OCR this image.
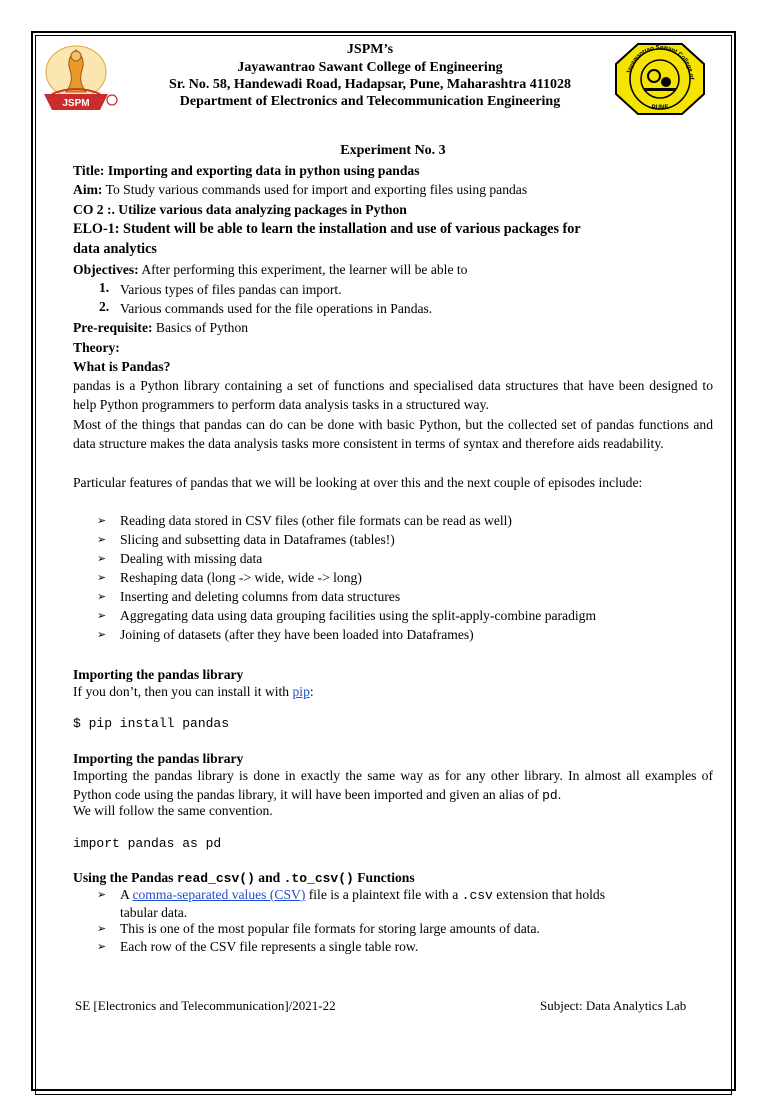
JSPM
Jayawantrao Sawant College of
PUNE
JSPM’s
Jayawantrao Sawant College of Engineering
Sr. No. 58, Handewadi Road, Hadapsar, Pune, Maharashtra 411028
Department of Electronics and Telecommunication Engineering
Experiment No. 3
Title: Importing and exporting data in python using pandas
Aim: To Study various commands used for import and exporting files using pandas
CO 2 :. Utilize various data analyzing packages in Python
ELO-1: Student will be able to learn the installation and use of various packages for
data analytics
Objectives: After performing this experiment, the learner will be able to
1. Various types of files pandas can import.
2. Various commands used for the file operations in Pandas.
Pre-requisite: Basics of Python
Theory:
What is Pandas?
pandas is a Python library containing a set of functions and specialised data structures that have been designed to help Python programmers to perform data analysis tasks in a structured way.
Most of the things that pandas can do can be done with basic Python, but the collected set of pandas functions and data structure makes the data analysis tasks more consistent in terms of syntax and therefore aids readability.
Particular features of pandas that we will be looking at over this and the next couple of episodes include:
➢ Reading data stored in CSV files (other file formats can be read as well)
➢ Slicing and subsetting data in Dataframes (tables!)
➢ Dealing with missing data
➢ Reshaping data (long -> wide, wide -> long)
➢ Inserting and deleting columns from data structures
➢ Aggregating data using data grouping facilities using the split-apply-combine paradigm
➢ Joining of datasets (after they have been loaded into Dataframes)
Importing the pandas library
If you don’t, then you can install it with pip:
$ pip install pandas
Importing the pandas library
Importing the pandas library is done in exactly the same way as for any other library. In almost all examples of Python code using the pandas library, it will have been imported and given an alias of pd.
We will follow the same convention.
import pandas as pd
Using the Pandas read_csv() and .to_csv() Functions
➢ A comma-separated values (CSV) file is a plaintext file with a .csv extension that holds
tabular data.
➢ This is one of the most popular file formats for storing large amounts of data.
➢ Each row of the CSV file represents a single table row.
SE [Electronics and Telecommunication]/2021-22	Subject: Data Analytics Lab
